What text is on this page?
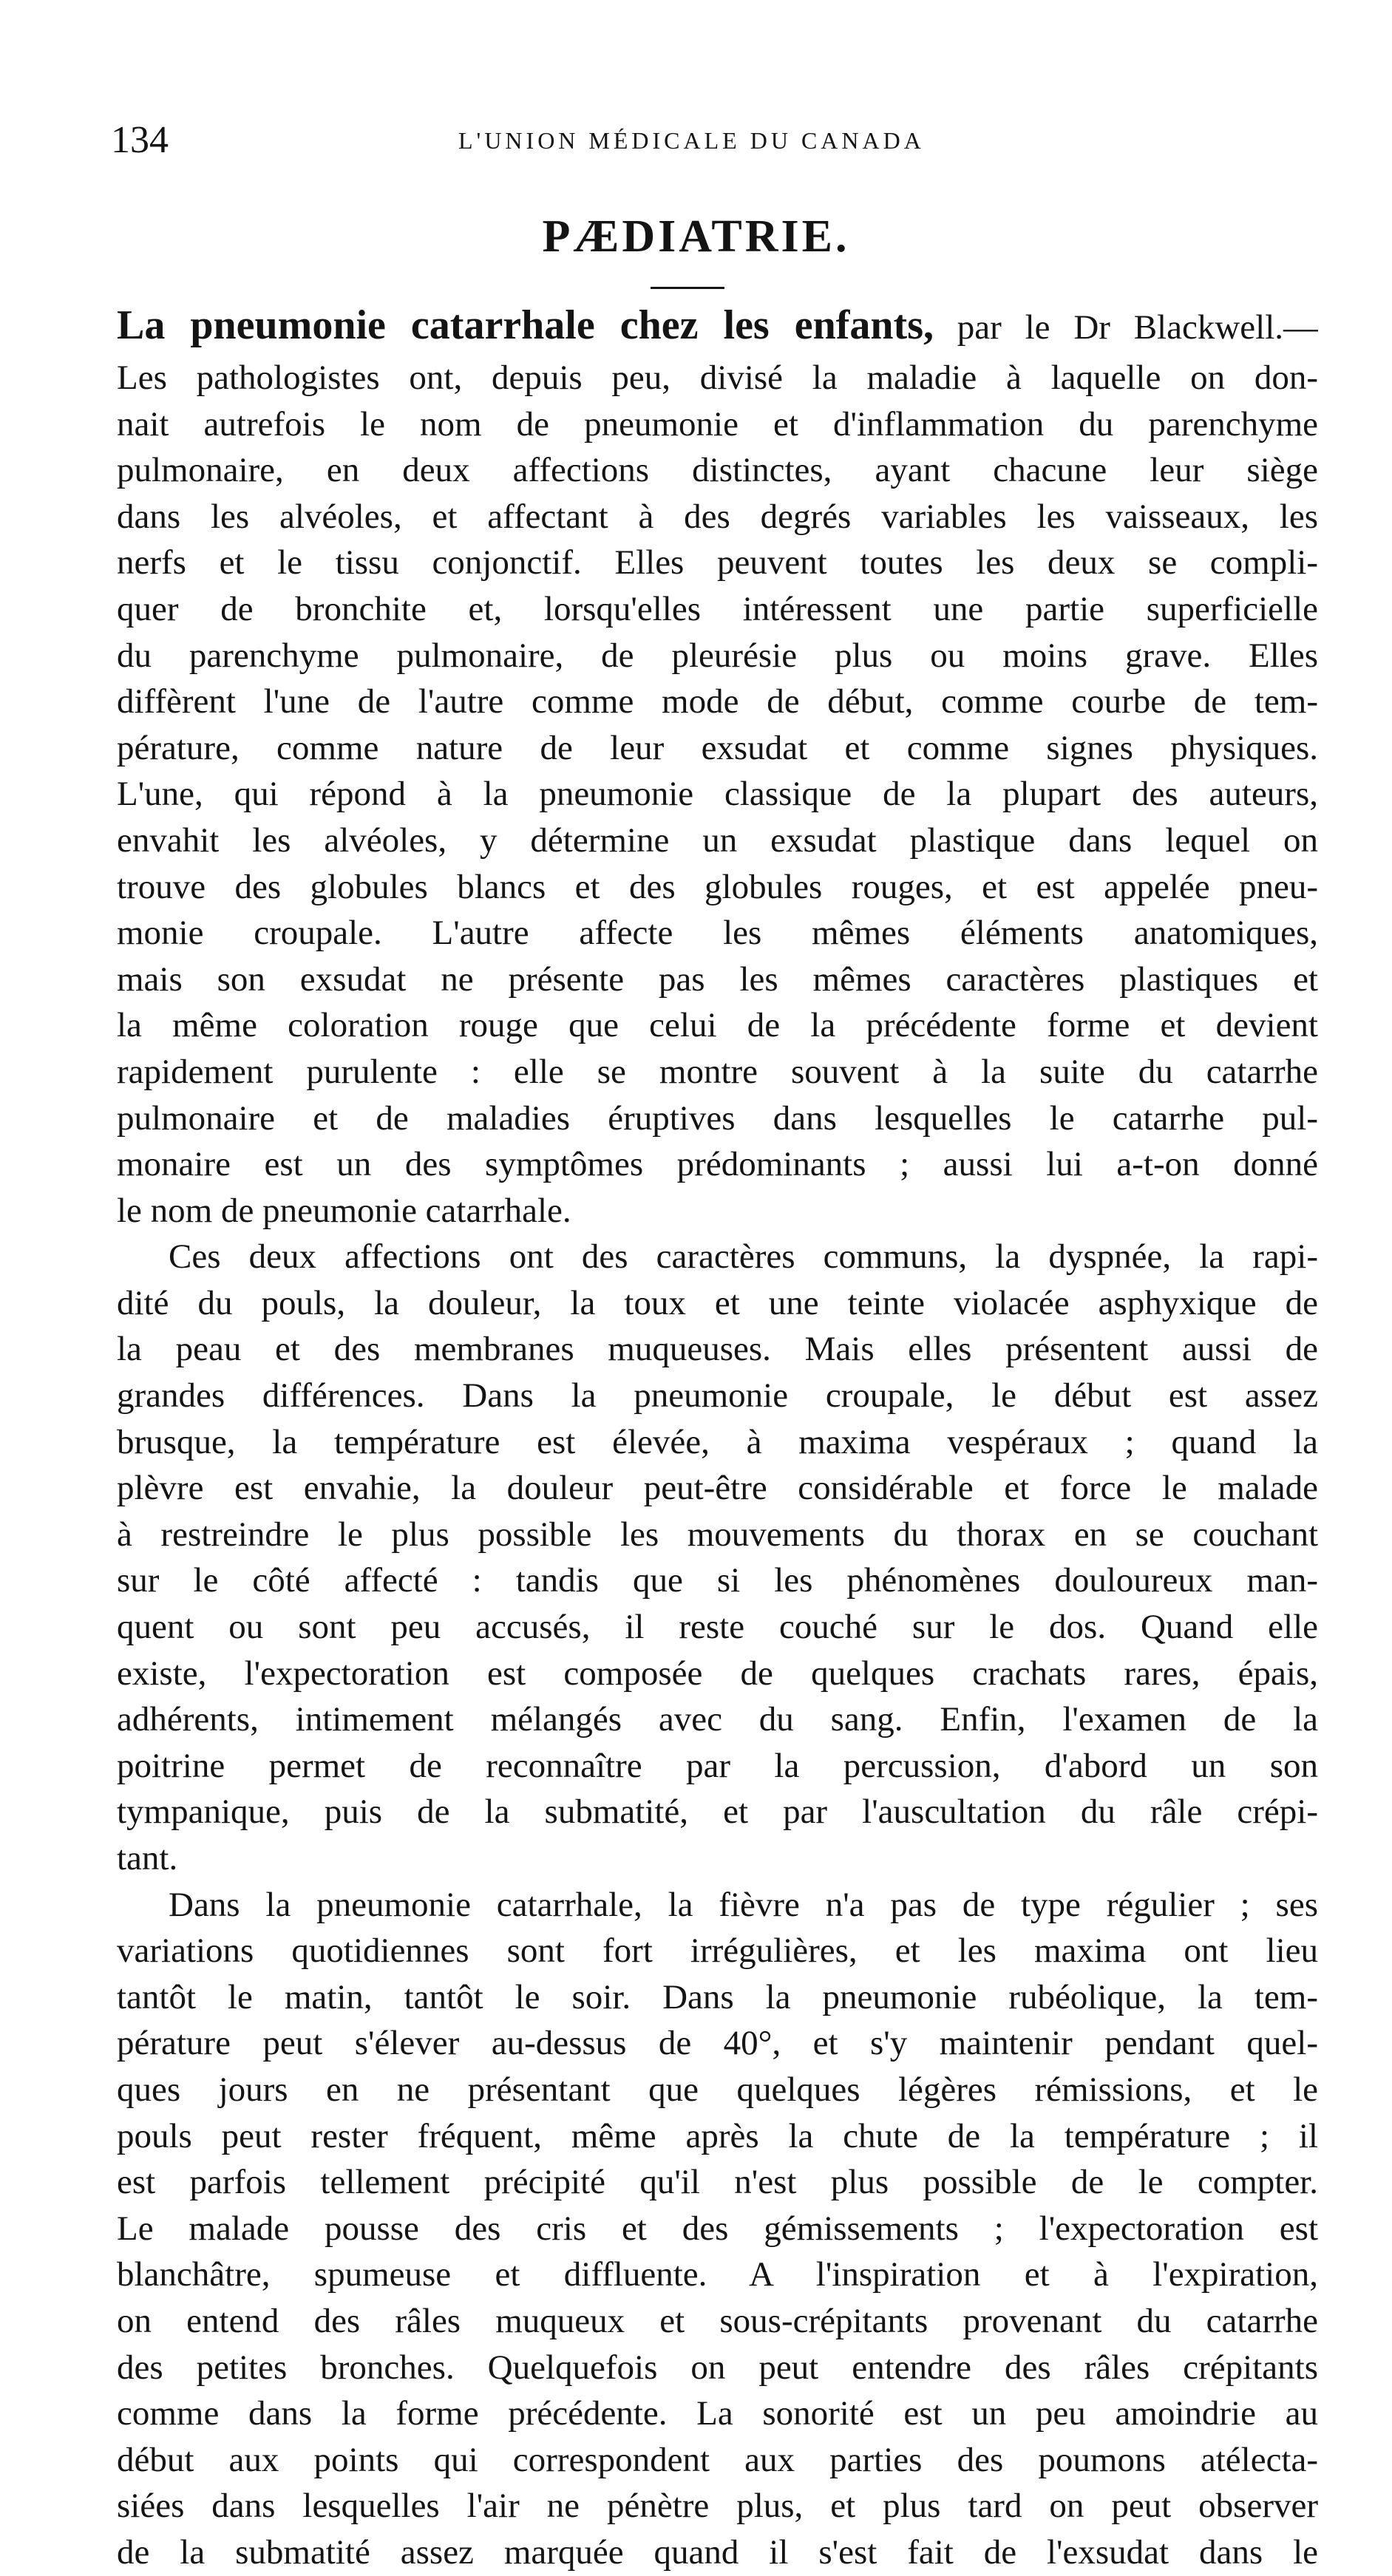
134	L'UNION MÉDICALE DU CANADA
PÆDIATRIE.
La pneumonie catarrhale chez les enfants, par le Dr Blackwell.—
Les pathologistes ont, depuis peu, divisé la maladie à laquelle on don-
nait autrefois le nom de pneumonie et d'inflammation du parenchyme
pulmonaire, en deux affections distinctes, ayant chacune leur siège
dans les alvéoles, et affectant à des degrés variables les vaisseaux, les
nerfs et le tissu conjonctif. Elles peuvent toutes les deux se compli-
quer de bronchite et, lorsqu'elles intéressent une partie superficielle
du parenchyme pulmonaire, de pleurésie plus ou moins grave. Elles
diffèrent l'une de l'autre comme mode de début, comme courbe de tem-
pérature, comme nature de leur exsudat et comme signes physiques.
L'une, qui répond à la pneumonie classique de la plupart des auteurs,
envahit les alvéoles, y détermine un exsudat plastique dans lequel on
trouve des globules blancs et des globules rouges, et est appelée pneu-
monie croupale. L'autre affecte les mêmes éléments anatomiques,
mais son exsudat ne présente pas les mêmes caractères plastiques et
la même coloration rouge que celui de la précédente forme et devient
rapidement purulente : elle se montre souvent à la suite du catarrhe
pulmonaire et de maladies éruptives dans lesquelles le catarrhe pul-
monaire est un des symptômes prédominants ; aussi lui a-t-on donné
le nom de pneumonie catarrhale.
Ces deux affections ont des caractères communs, la dyspnée, la rapi-
dité du pouls, la douleur, la toux et une teinte violacée asphyxique de
la peau et des membranes muqueuses. Mais elles présentent aussi de
grandes différences. Dans la pneumonie croupale, le début est assez
brusque, la température est élevée, à maxima vespéraux ; quand la
plèvre est envahie, la douleur peut-être considérable et force le malade
à restreindre le plus possible les mouvements du thorax en se couchant
sur le côté affecté : tandis que si les phénomènes douloureux man-
quent ou sont peu accusés, il reste couché sur le dos. Quand elle
existe, l'expectoration est composée de quelques crachats rares, épais,
adhérents, intimement mélangés avec du sang. Enfin, l'examen de la
poitrine permet de reconnaître par la percussion, d'abord un son
tympanique, puis de la submatité, et par l'auscultation du râle crépi-
tant.
Dans la pneumonie catarrhale, la fièvre n'a pas de type régulier ; ses
variations quotidiennes sont fort irrégulières, et les maxima ont lieu
tantôt le matin, tantôt le soir. Dans la pneumonie rubéolique, la tem-
pérature peut s'élever au-dessus de 40°, et s'y maintenir pendant quel-
ques jours en ne présentant que quelques légères rémissions, et le
pouls peut rester fréquent, même après la chute de la température ; il
est parfois tellement précipité qu'il n'est plus possible de le compter.
Le malade pousse des cris et des gémissements ; l'expectoration est
blanchâtre, spumeuse et diffluente. A l'inspiration et à l'expiration,
on entend des râles muqueux et sous-crépitants provenant du catarrhe
des petites bronches. Quelquefois on peut entendre des râles crépitants
comme dans la forme précédente. La sonorité est un peu amoindrie au
début aux points qui correspondent aux parties des poumons atélecta-
siées dans lesquelles l'air ne pénètre plus, et plus tard on peut observer
de la submatité assez marquée quand il s'est fait de l'exsudat dans le
